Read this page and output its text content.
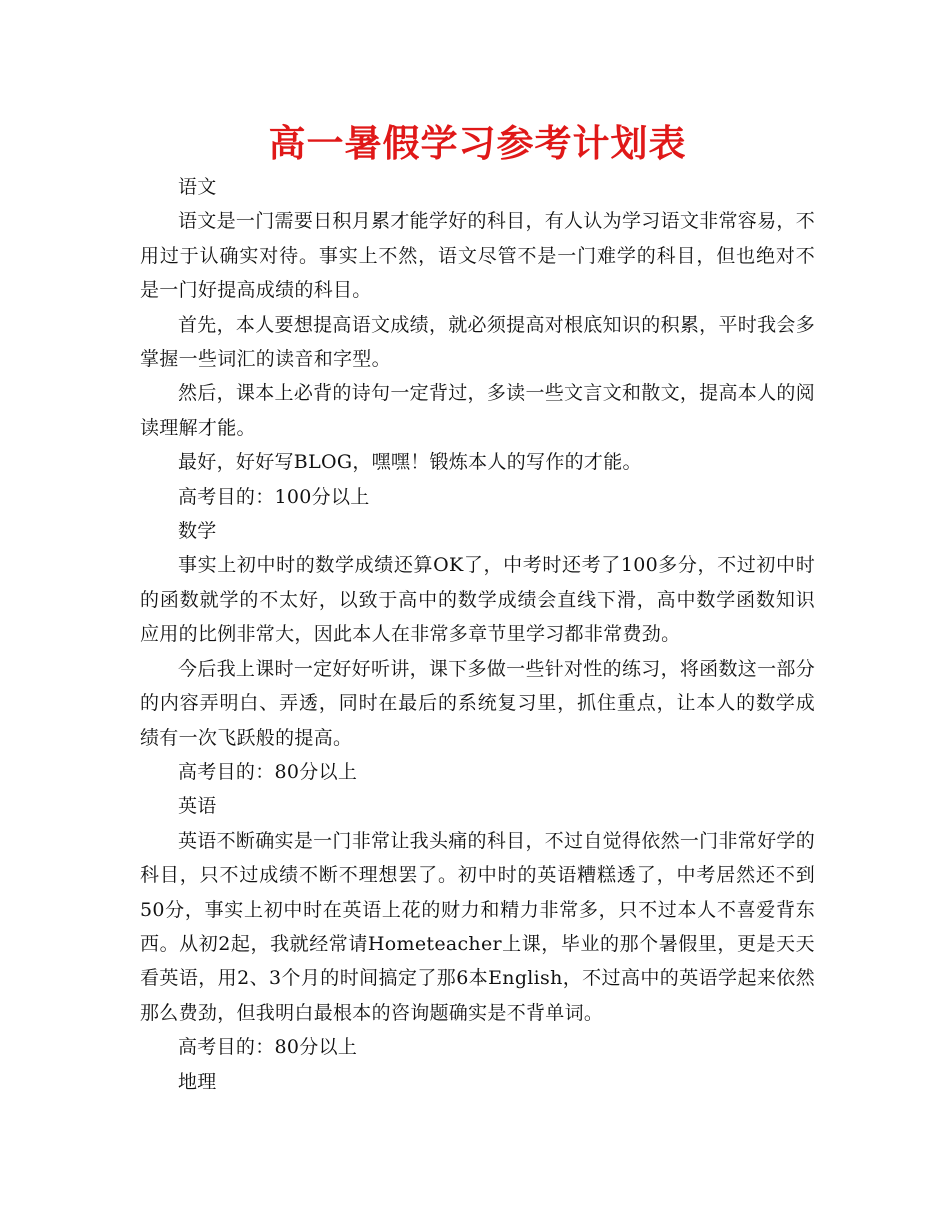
高一暑假学习参考计划表

语文

语文是一门需要日积月累才能学好的科目，有人认为学习语文非常容易，不用过于认确实对待。事实上不然，语文尽管不是一门难学的科目，但也绝对不是一门好提高成绩的科目。

首先，本人要想提高语文成绩，就必须提高对根底知识的积累，平时我会多掌握一些词汇的读音和字型。

然后，课本上必背的诗句一定背过，多读一些文言文和散文，提高本人的阅读理解才能。

最好，好好写BLOG，嘿嘿！锻炼本人的写作的才能。

高考目的：100分以上

数学

事实上初中时的数学成绩还算OK了，中考时还考了100多分，不过初中时的函数就学的不太好，以致于高中的数学成绩会直线下滑，高中数学函数知识应用的比例非常大，因此本人在非常多章节里学习都非常费劲。

今后我上课时一定好好听讲，课下多做一些针对性的练习，将函数这一部分的内容弄明白、弄透，同时在最后的系统复习里，抓住重点，让本人的数学成绩有一次飞跃般的提高。

高考目的：80分以上

英语

英语不断确实是一门非常让我头痛的科目，不过自觉得依然一门非常好学的科目，只不过成绩不断不理想罢了。初中时的英语糟糕透了，中考居然还不到50分，事实上初中时在英语上花的财力和精力非常多，只不过本人不喜爱背东西。从初2起，我就经常请Hometeacher上课，毕业的那个暑假里，更是天天看英语，用2、3个月的时间搞定了那6本English，不过高中的英语学起来依然那么费劲，但我明白最根本的咨询题确实是不背单词。

高考目的：80分以上

地理
